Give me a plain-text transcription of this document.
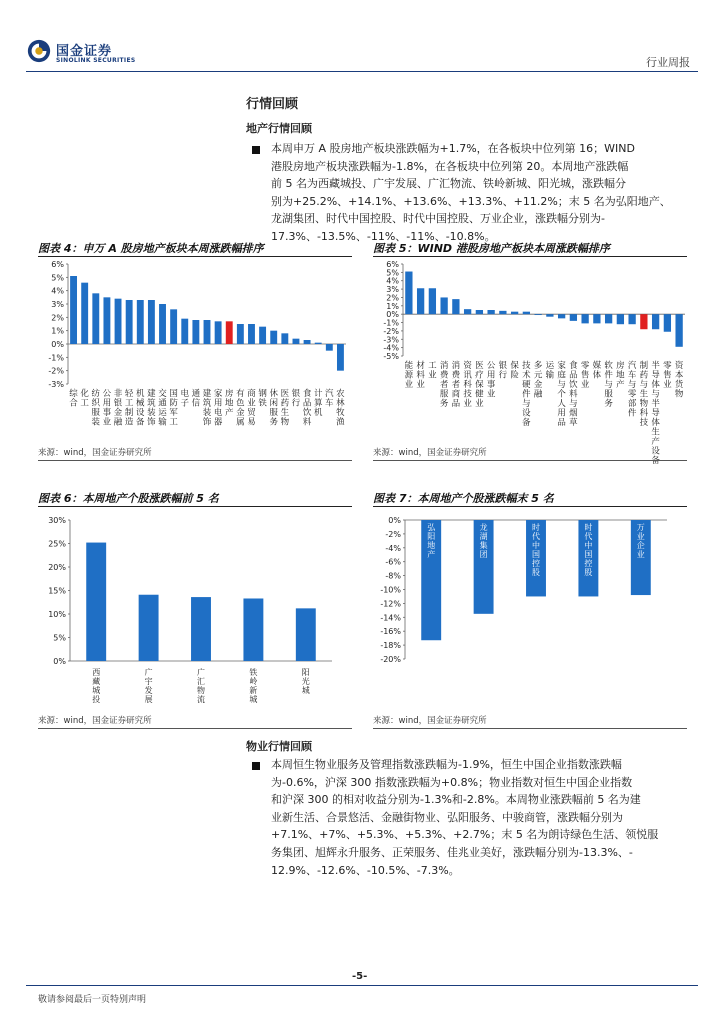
国金证券
SINOLINK SECURITIES	行业周报
行情回顾
地产行情回顾
本周申万 A 股房地产板块涨跌幅为+1.7%，在各板块中位列第 16；WIND
港股房地产板块涨跌幅为-1.8%，在各板块中位列第 20。本周地产涨跌幅
前 5 名为西藏城投、广宇发展、广汇物流、铁岭新城、阳光城，涨跌幅分
别为+25.2%、+14.1%、+13.6%、+13.3%、+11.2%；末 5 名为弘阳地产、
龙湖集团、时代中国控股、时代中国控股、万业企业，涨跌幅分别为-
17.3%、-13.5%、-11%、-11%、-10.8%。
图表 4：申万 A 股房地产板块本周涨跌幅排序	图表 5：WIND 港股房地产板块本周涨跌幅排序
6%
5%
4%
3%
2%
1%
0%
-1%
-2%
-3%
综合
化工
纺织服装
公用事业
非银金融
轻工制造
机械设备
建筑装饰
交通运输
国防军工
电子
通信
建筑装饰
家用电器
房地产
有色金属
商业贸易
钢铁
休闲服务
医药生物
银行
食品饮料
计算机
汽车
农林牧渔
6%
5%
4%
3%
2%
1%
0%
-1%
-2%
-3%
-4%
-5%
能源业
材料业
工业
消费者服务
消费者商品
资讯科技业
医疗保健业
公用事业
银行
保险
技术硬件与设备
多元金融
运输
家庭与个人用品
食品饮料与烟草
零售业
媒体
软件与服务
房地产
汽车与零部件
制药与生物科技
半导体与半导体生产设备
零售业
资本货物
来源：wind，国金证券研究所	来源：wind，国金证券研究所
图表 6：本周地产个股涨跌幅前 5 名	图表 7：本周地产个股涨跌幅末 5 名
30%
25%
20%
15%
10%
5%
0%
西藏城投
广宇发展
广汇物流
铁岭新城
阳光城
0%
-2%
-4%
-6%
-8%
-10%
-12%
-14%
-16%
-18%
-20%
弘阳地产
龙湖集团
时代中国控股
时代中国控股
万业企业
来源：wind，国金证券研究所	来源：wind，国金证券研究所
物业行情回顾
本周恒生物业服务及管理指数涨跌幅为-1.9%，恒生中国企业指数涨跌幅
为-0.6%，沪深 300 指数涨跌幅为+0.8%；物业指数对恒生中国企业指数
和沪深 300 的相对收益分别为-1.3%和-2.8%。本周物业涨跌幅前 5 名为建
业新生活、合景悠活、金融街物业、弘阳服务、中骏商管，涨跌幅分别为
+7.1%、+7%、+5.3%、+5.3%、+2.7%；末 5 名为朗诗绿色生活、领悦服
务集团、旭辉永升服务、正荣服务、佳兆业美好，涨跌幅分别为-13.3%、-
12.9%、-12.6%、-10.5%、-7.3%。
-5-
敬请参阅最后一页特别声明
